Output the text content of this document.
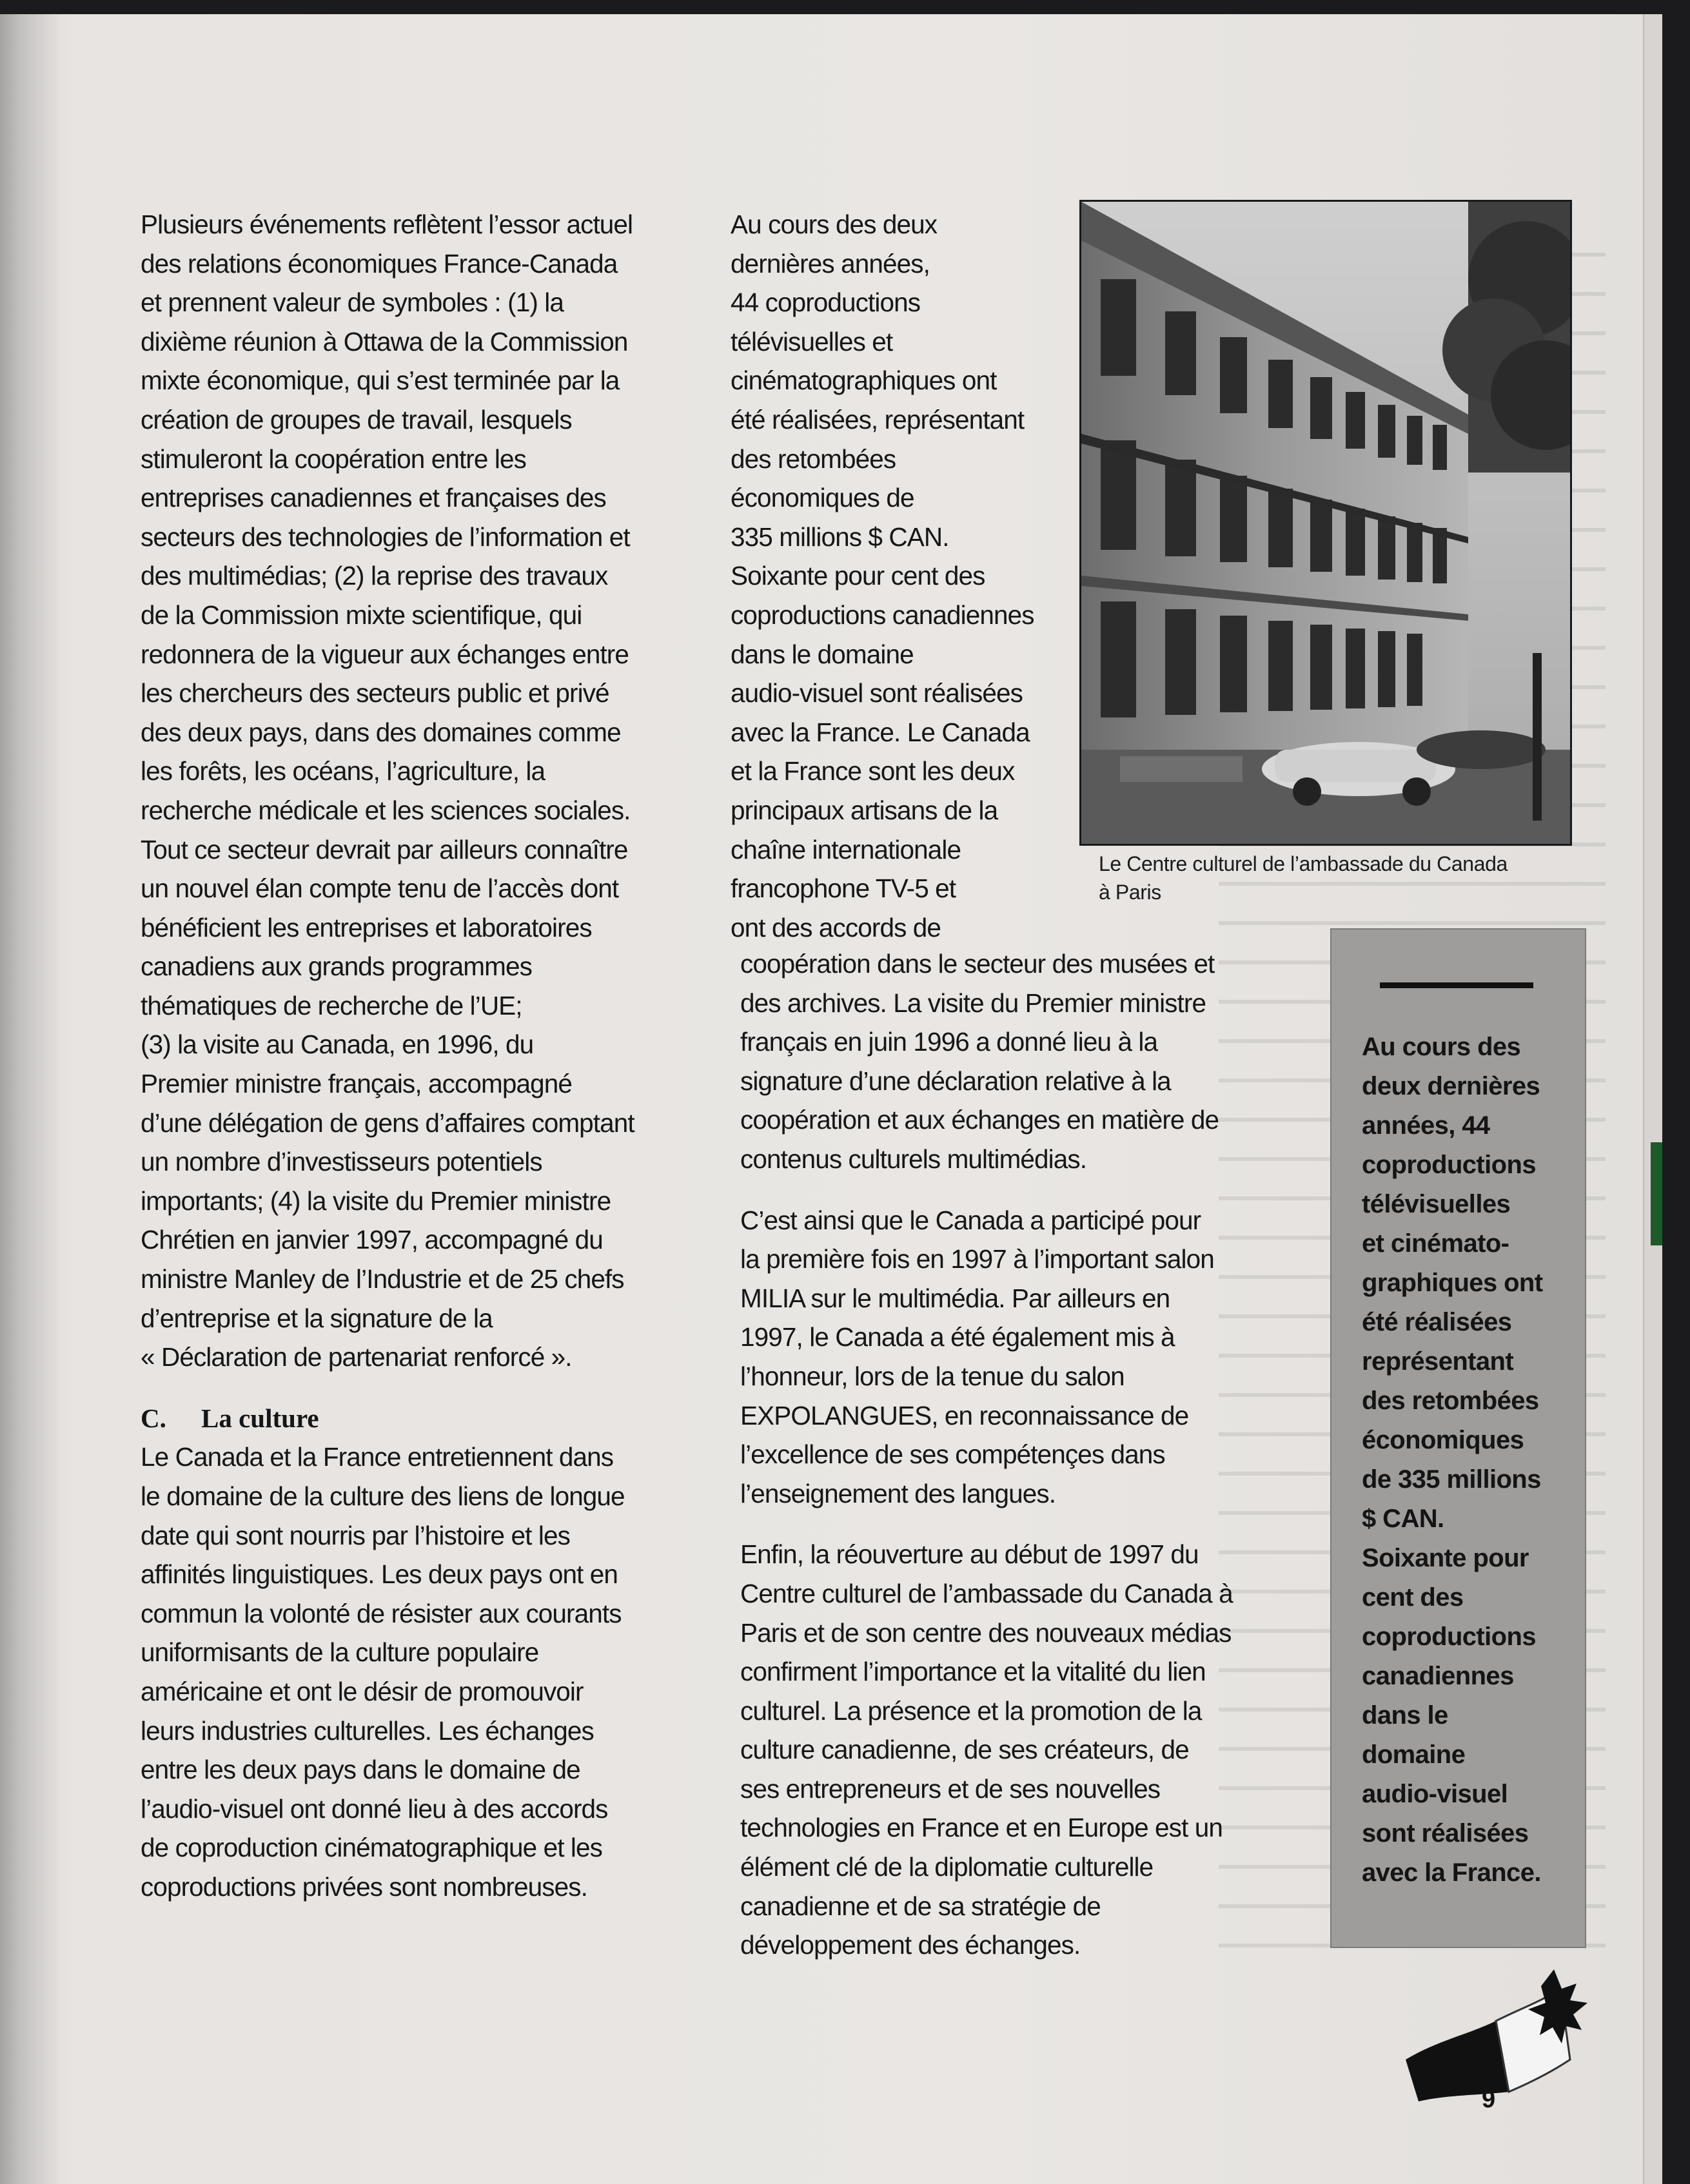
Plusieurs événements reflètent l’essor actuel
des relations économiques France-Canada
et prennent valeur de symboles : (1) la
dixième réunion à Ottawa de la Commission
mixte économique, qui s’est terminée par la
création de groupes de travail, lesquels
stimuleront la coopération entre les
entreprises canadiennes et françaises des
secteurs des technologies de l’information et
des multimédias; (2) la reprise des travaux
de la Commission mixte scientifique, qui
redonnera de la vigueur aux échanges entre
les chercheurs des secteurs public et privé
des deux pays, dans des domaines comme
les forêts, les océans, l’agriculture, la
recherche médicale et les sciences sociales.
Tout ce secteur devrait par ailleurs connaître
un nouvel élan compte tenu de l’accès dont
bénéficient les entreprises et laboratoires
canadiens aux grands programmes
thématiques de recherche de l’UE;
(3) la visite au Canada, en 1996, du
Premier ministre français, accompagné
d’une délégation de gens d’affaires comptant
un nombre d’investisseurs potentiels
importants; (4) la visite du Premier ministre
Chrétien en janvier 1997, accompagné du
ministre Manley de l’Industrie et de 25 chefs
d’entreprise et la signature de la
« Déclaration de partenariat renforcé ».
C. La culture
Le Canada et la France entretiennent dans
le domaine de la culture des liens de longue
date qui sont nourris par l’histoire et les
affinités linguistiques. Les deux pays ont en
commun la volonté de résister aux courants
uniformisants de la culture populaire
américaine et ont le désir de promouvoir
leurs industries culturelles. Les échanges
entre les deux pays dans le domaine de
l’audio-visuel ont donné lieu à des accords
de coproduction cinématographique et les
coproductions privées sont nombreuses.
Au cours des deux
dernières années,
44 coproductions
télévisuelles et
cinématographiques ont
été réalisées, représentant
des retombées
économiques de
335 millions $ CAN.
Soixante pour cent des
coproductions canadiennes
dans le domaine
audio-visuel sont réalisées
avec la France. Le Canada
et la France sont les deux
principaux artisans de la
chaîne internationale
francophone TV-5 et
ont des accords de
coopération dans le secteur des musées et
des archives. La visite du Premier ministre
français en juin 1996 a donné lieu à la
signature d’une déclaration relative à la
coopération et aux échanges en matière de
contenus culturels multimédias.
C’est ainsi que le Canada a participé pour
la première fois en 1997 à l’important salon
MILIA sur le multimédia. Par ailleurs en
1997, le Canada a été également mis à
l’honneur, lors de la tenue du salon
EXPOLANGUES, en reconnaissance de
l’excellence de ses compétençes dans
l’enseignement des langues.
Enfin, la réouverture au début de 1997 du
Centre culturel de l’ambassade du Canada à
Paris et de son centre des nouveaux médias
confirment l’importance et la vitalité du lien
culturel. La présence et la promotion de la
culture canadienne, de ses créateurs, de
ses entrepreneurs et de ses nouvelles
technologies en France et en Europe est un
élément clé de la diplomatie culturelle
canadienne et de sa stratégie de
développement des échanges.
Le Centre culturel de l’ambassade du Canada
à Paris
Au cours des
deux dernières
années, 44
coproductions
télévisuelles
et cinémato-
graphiques ont
été réalisées
représentant
des retombées
économiques
de 335 millions
$ CAN.
Soixante pour
cent des
coproductions
canadiennes
dans le
domaine
audio-visuel
sont réalisées
avec la France.
9
